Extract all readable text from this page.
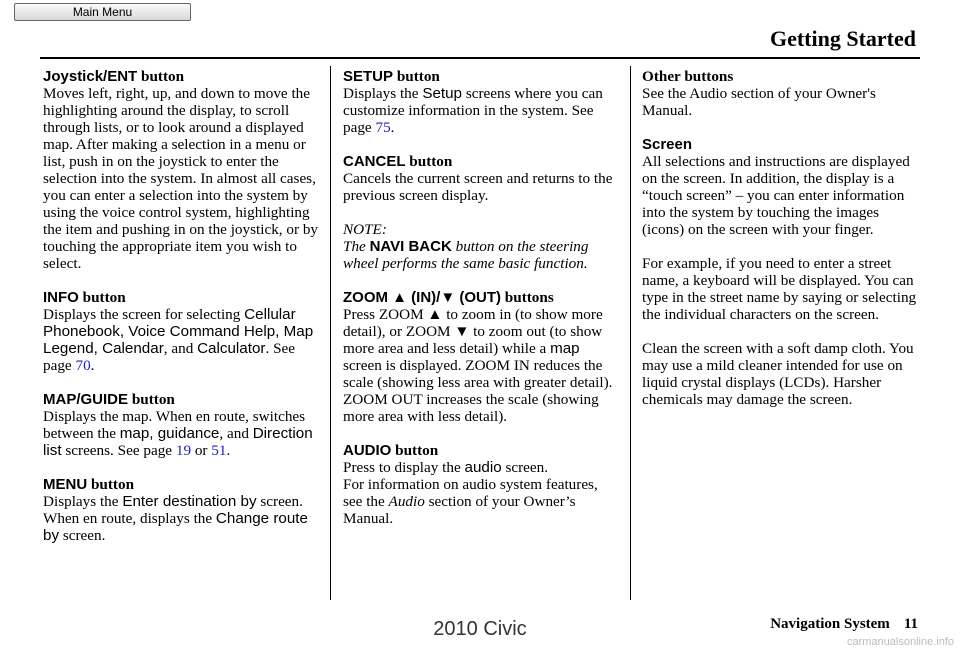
Main Menu
Getting Started

Joystick/ENT button

Moves left, right, up, and down to move the highlighting around the display, to scroll through lists, or to look around a displayed map. After making a selection in a menu or list, push in on the joystick to enter the selection into the system. In almost all cases, you can enter a selection into the system by using the voice control system, highlighting the item and pushing in on the joystick, or by touching the appropriate item you wish to select.

INFO button

Displays the screen for selecting Cellular Phonebook, Voice Command Help, Map Legend, Calendar, and Calculator. See page 70.

MAP/GUIDE button

Displays the map. When en route, switches between the map, guidance, and Direction list screens. See page 19 or 51.

MENU button

Displays the Enter destination by screen. When en route, displays the Change route by screen.

SETUP button

Displays the Setup screens where you can customize information in the system. See page 75.

CANCEL button

Cancels the current screen and returns to the previous screen display.

NOTE:

The NAVI BACK button on the steering wheel performs the same basic function.

ZOOM ▲ (IN)/▼ (OUT) buttons

Press ZOOM ▲ to zoom in (to show more detail), or ZOOM ▼ to zoom out (to show more area and less detail) while a map screen is displayed. ZOOM IN reduces the scale (showing less area with greater detail). ZOOM OUT increases the scale (showing more area with less detail).

AUDIO button

Press to display the audio screen.

For information on audio system features, see the Audio section of your Owner’s Manual.

Other buttons

See the Audio section of your Owner's Manual.

Screen

All selections and instructions are displayed on the screen. In addition, the display is a “touch screen” – you can enter information into the system by touching the images (icons) on the screen with your finger.

For example, if you need to enter a street name, a keyboard will be displayed. You can type in the street name by saying or selecting the individual characters on the screen.

Clean the screen with a soft damp cloth. You may use a mild cleaner intended for use on liquid crystal displays (LCDs). Harsher chemicals may damage the screen.

Navigation System 11
2010 Civic
carmanualsonline.info
